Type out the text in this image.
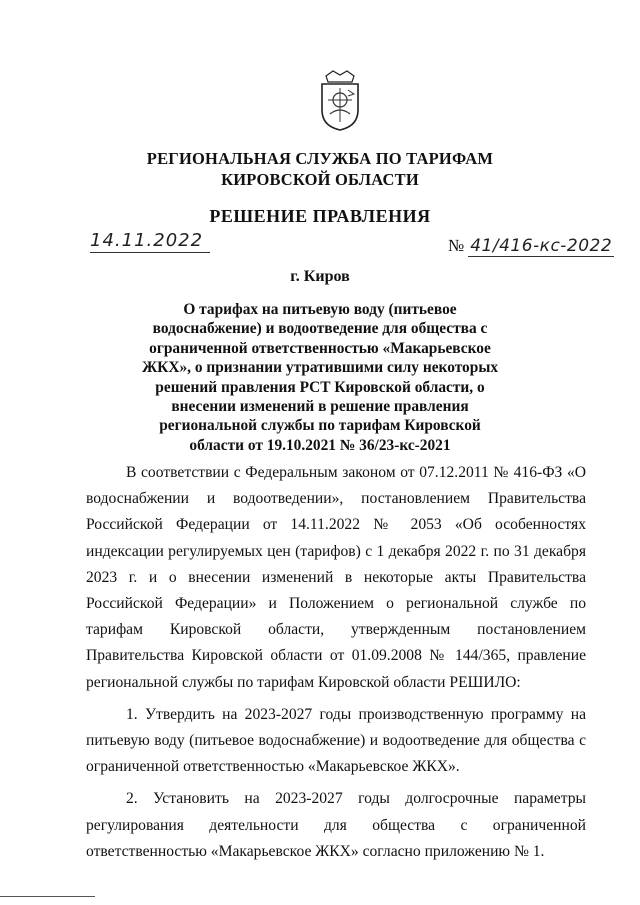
РЕГИОНАЛЬНАЯ СЛУЖБА ПО ТАРИФАМ
КИРОВСКОЙ ОБЛАСТИ
РЕШЕНИЕ ПРАВЛЕНИЯ
14.11.2022	№ 41/416-кс-2022
г. Киров
О тарифах на питьевую воду (питьевое водоснабжение) и водоотведение для общества с ограниченной ответственностью «Макарьевское ЖКХ», о признании утратившими силу некоторых решений правления РСТ Кировской области, о внесении изменений в решение правления региональной службы по тарифам Кировской области от 19.10.2021 № 36/23-кс-2021

В соответствии с Федеральным законом от 07.12.2011 № 416-ФЗ «О водоснабжении и водоотведении», постановлением Правительства Российской Федерации от 14.11.2022 № 2053 «Об особенностях индексации регулируемых цен (тарифов) с 1 декабря 2022 г. по 31 декабря 2023 г. и о внесении изменений в некоторые акты Правительства Российской Федерации» и Положением о региональной службе по тарифам Кировской области, утвержденным постановлением Правительства Кировской области от 01.09.2008 № 144/365, правление региональной службы по тарифам Кировской области РЕШИЛО:

1. Утвердить на 2023-2027 годы производственную программу на питьевую воду (питьевое водоснабжение) и водоотведение для общества с ограниченной ответственностью «Макарьевское ЖКХ».

2. Установить на 2023-2027 годы долгосрочные параметры регулирования деятельности для общества с ограниченной ответственностью «Макарьевское ЖКХ» согласно приложению № 1.
